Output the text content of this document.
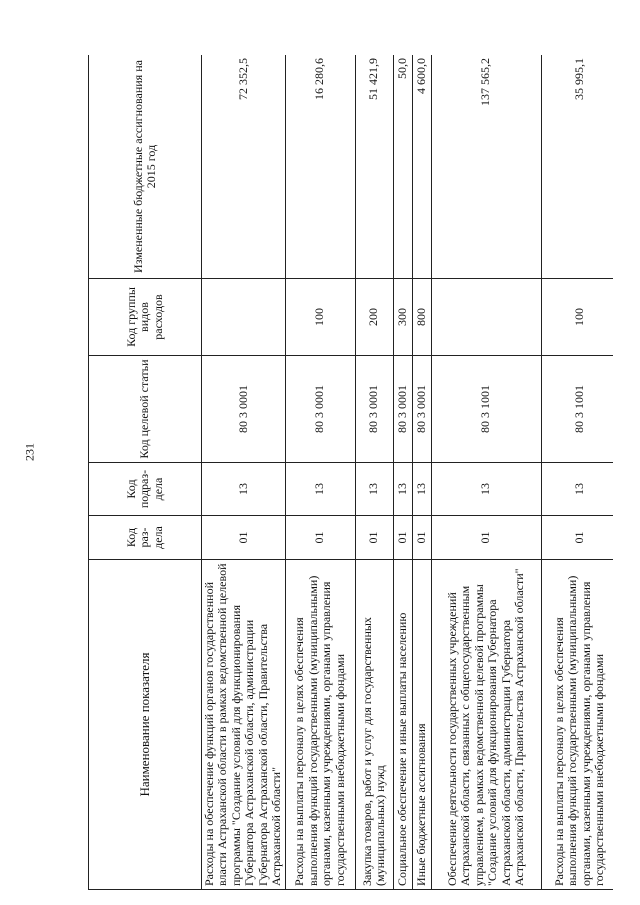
231
Наименование показателя	Код раз-дела	Код подраз-дела	Код целевой статьи	Код группы видов расходов	Измененные бюджетные ассигнования на 2015 год
Расходы на обеспечение функций органов государственной власти Астраханской области в рамках ведомственной целевой программы "Создание условий для функционирования Губернатора Астраханской области, администрации Губернатора Астраханской области, Правительства Астраханской области"	01	13	80 3 0001		72 352,5
Расходы на выплаты персоналу в целях обеспечения выполнения функций государственными (муниципальными) органами, казенными учреждениями, органами управления государственными внебюджетными фондами	01	13	80 3 0001	100	16 280,6
Закупка товаров, работ и услуг для государственных (муниципальных) нужд	01	13	80 3 0001	200	51 421,9
Социальное обеспечение и иные выплаты населению	01	13	80 3 0001	300	50,0
Иные бюджетные ассигнования	01	13	80 3 0001	800	4 600,0
Обеспечение деятельности государственных учреждений Астраханской области, связанных с общегосударственным управлением, в рамках ведомственной целевой программы "Создание условий для функционирования Губернатора Астраханской области, администрации Губернатора Астраханской области, Правительства Астраханской области"	01	13	80 3 1001		137 565,2
Расходы на выплаты персоналу в целях обеспечения выполнения функций государственными (муниципальными) органами, казенными учреждениями, органами управления государственными внебюджетными фондами	01	13	80 3 1001	100	35 995,1
